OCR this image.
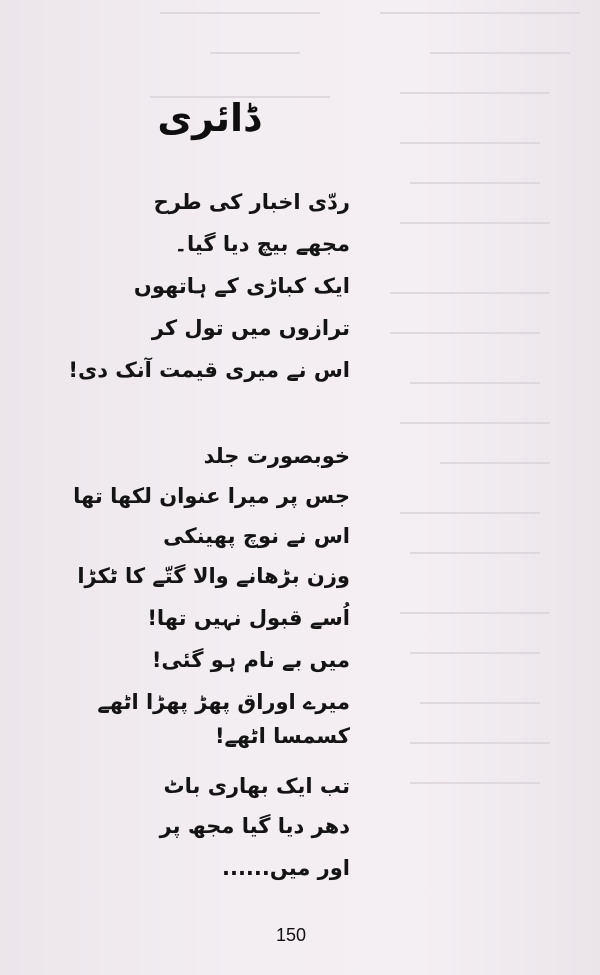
ڈائری
ردّی اخبار کی طرح
مجھے بیچ دیا گیا۔
ایک کباڑی کے ہاتھوں
ترازوں میں تول کر
اس نے میری قیمت آنک دی!
خوبصورت جلد
جس پر میرا عنوان لکھا تھا
اس نے نوچ پھینکی
وزن بڑھانے والا گتّے کا ٹکڑا
اُسے قبول نہیں تھا!
میں بے نام ہو گئی!
میرے اوراق پھڑ پھڑا اٹھے
کسمسا اٹھے!
تب ایک بھاری باٹ
دھر دیا گیا مجھ پر
اور میں......
150
